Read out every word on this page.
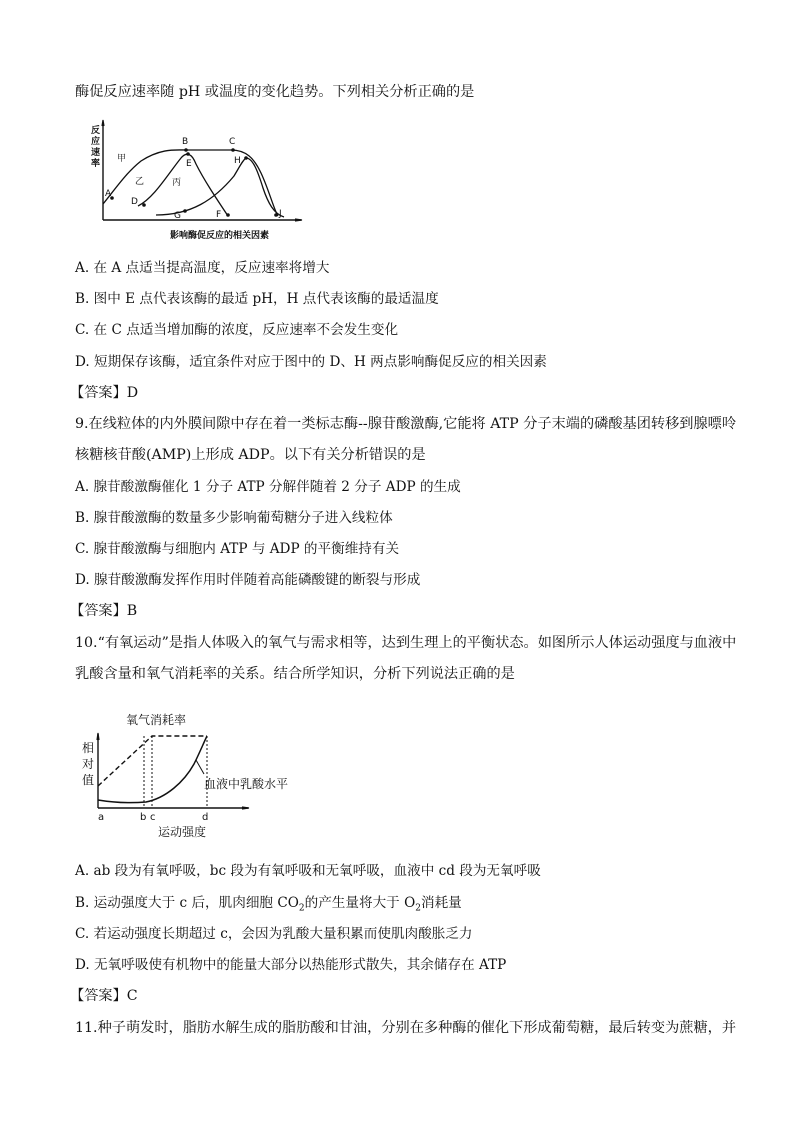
酶促反应速率随 pH 或温度的变化趋势。下列相关分析正确的是
反
应
速
率
A
B	C
D
E
F
G
H
J
甲
乙	丙
影响酶促反应的相关因素
A. 在 A 点适当提高温度，反应速率将增大
B. 图中 E 点代表该酶的最适 pH，H 点代表该酶的最适温度
C. 在 C 点适当增加酶的浓度，反应速率不会发生变化
D. 短期保存该酶，适宜条件对应于图中的 D、H 两点影响酶促反应的相关因素
【答案】D
9.在线粒体的内外膜间隙中存在着一类标志酶--腺苷酸激酶,它能将 ATP 分子末端的磷酸基团转移到腺嘌呤
核糖核苷酸(AMP)上形成 ADP。以下有关分析错误的是
A. 腺苷酸激酶催化 1 分子 ATP 分解伴随着 2 分子 ADP 的生成
B. 腺苷酸激酶的数量多少影响葡萄糖分子进入线粒体
C. 腺苷酸激酶与细胞内 ATP 与 ADP 的平衡维持有关
D. 腺苷酸激酶发挥作用时伴随着高能磷酸键的断裂与形成
【答案】B
10.“有氧运动”是指人体吸入的氧气与需求相等，达到生理上的平衡状态。如图所示人体运动强度与血液中
乳酸含量和氧气消耗率的关系。结合所学知识，分析下列说法正确的是
相
对
值
氧气消耗率
血液中乳酸水平
运动强度
a	b c	d
A. ab 段为有氧呼吸，bc 段为有氧呼吸和无氧呼吸，血液中 cd 段为无氧呼吸
B. 运动强度大于 c 后，肌肉细胞 $CO_2$的产生量将大于 $O_2$消耗量
C. 若运动强度长期超过 c，会因为乳酸大量积累而使肌肉酸胀乏力
D. 无氧呼吸使有机物中的能量大部分以热能形式散失，其余储存在 ATP
【答案】C
11.种子萌发时，脂肪水解生成的脂肪酸和甘油，分别在多种酶的催化下形成葡萄糖，最后转变为蔗糖，并
